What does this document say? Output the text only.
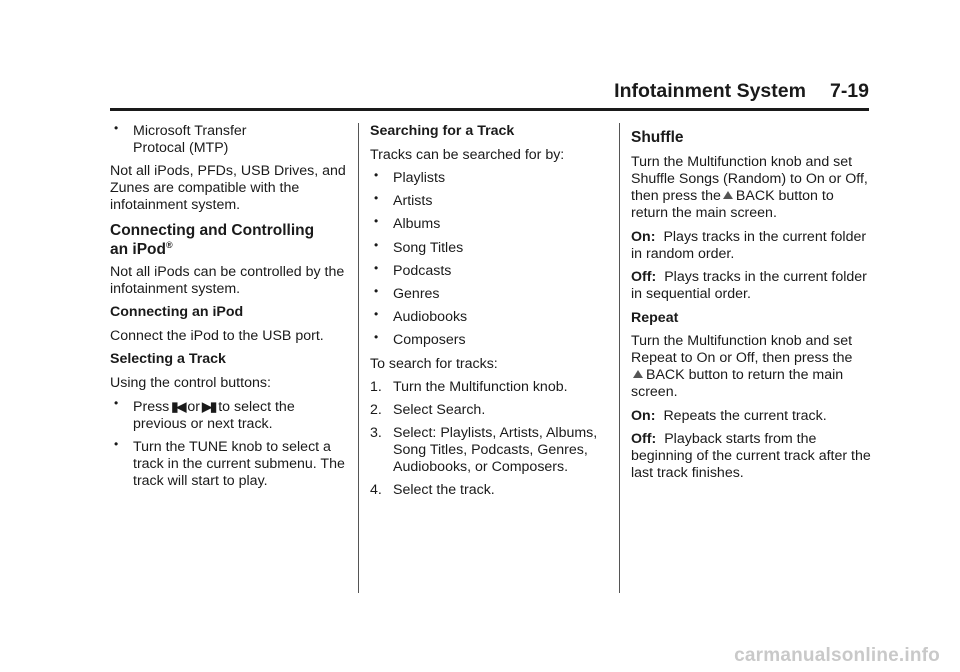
Infotainment System 7-19
• Microsoft Transfer
Protocal (MTP)

Not all iPods, PFDs, USB Drives, and Zunes are compatible with the infotainment system.

Connecting and Controlling
an iPod®

Not all iPods can be controlled by the infotainment system.

Connecting an iPod

Connect the iPod to the USB port.

Selecting a Track

Using the control buttons:

• Press ▮◀ or ▶▮ to select the previous or next track.
• Turn the TUNE knob to select a track in the current submenu. The track will start to play.

Searching for a Track

Tracks can be searched for by:

• Playlists
• Artists
• Albums
• Song Titles
• Podcasts
• Genres
• Audiobooks
• Composers

To search for tracks:

1. Turn the Multifunction knob.
2. Select Search.
3. Select: Playlists, Artists, Albums, Song Titles, Podcasts, Genres, Audiobooks, or Composers.
4. Select the track.
Shuffle

Turn the Multifunction knob and set Shuffle Songs (Random) to On or Off, then press the BACK button to return the main screen.

On: Plays tracks in the current folder in random order.

Off: Plays tracks in the current folder in sequential order.

Repeat

Turn the Multifunction knob and set Repeat to On or Off, then press the
BACK button to return the main screen.

On: Repeats the current track.

Off: Playback starts from the beginning of the current track after the last track finishes.

carmanualsonline.info
